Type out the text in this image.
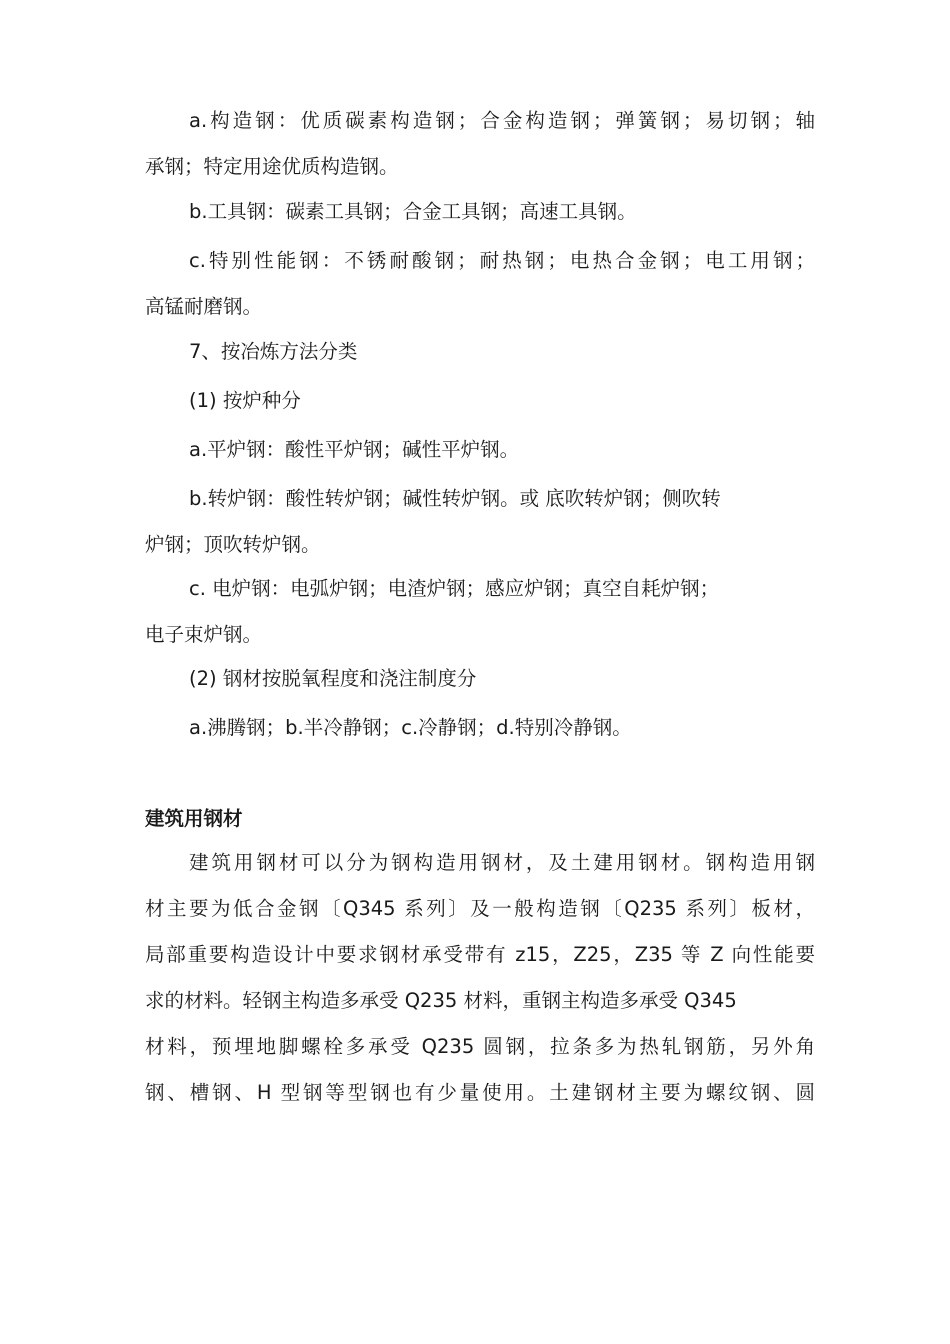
a.构造钢：优质碳素构造钢；合金构造钢；弹簧钢；易切钢；轴
承钢；特定用途优质构造钢。
b.工具钢：碳素工具钢；合金工具钢；高速工具钢。
c.特别性能钢：不锈耐酸钢；耐热钢；电热合金钢；电工用钢；
高锰耐磨钢。
7、按冶炼方法分类
(1) 按炉种分
a.平炉钢：酸性平炉钢；碱性平炉钢。
b.转炉钢：酸性转炉钢；碱性转炉钢。或 底吹转炉钢；侧吹转
炉钢；顶吹转炉钢。
c. 电炉钢：电弧炉钢；电渣炉钢；感应炉钢；真空自耗炉钢；
电子束炉钢。
(2) 钢材按脱氧程度和浇注制度分
a.沸腾钢；b.半冷静钢；c.冷静钢；d.特别冷静钢。
建筑用钢材
建筑用钢材可以分为钢构造用钢材，及土建用钢材。钢构造用钢
材主要为低合金钢〔Q345 系列〕及一般构造钢〔Q235 系列〕板材，
局部重要构造设计中要求钢材承受带有 z15，Z25，Z35 等 Z 向性能要
求的材料。轻钢主构造多承受 Q235 材料，重钢主构造多承受 Q345
材料，预埋地脚螺栓多承受 Q235 圆钢，拉条多为热轧钢筋，另外角
钢、槽钢、H 型钢等型钢也有少量使用。土建钢材主要为螺纹钢、圆
